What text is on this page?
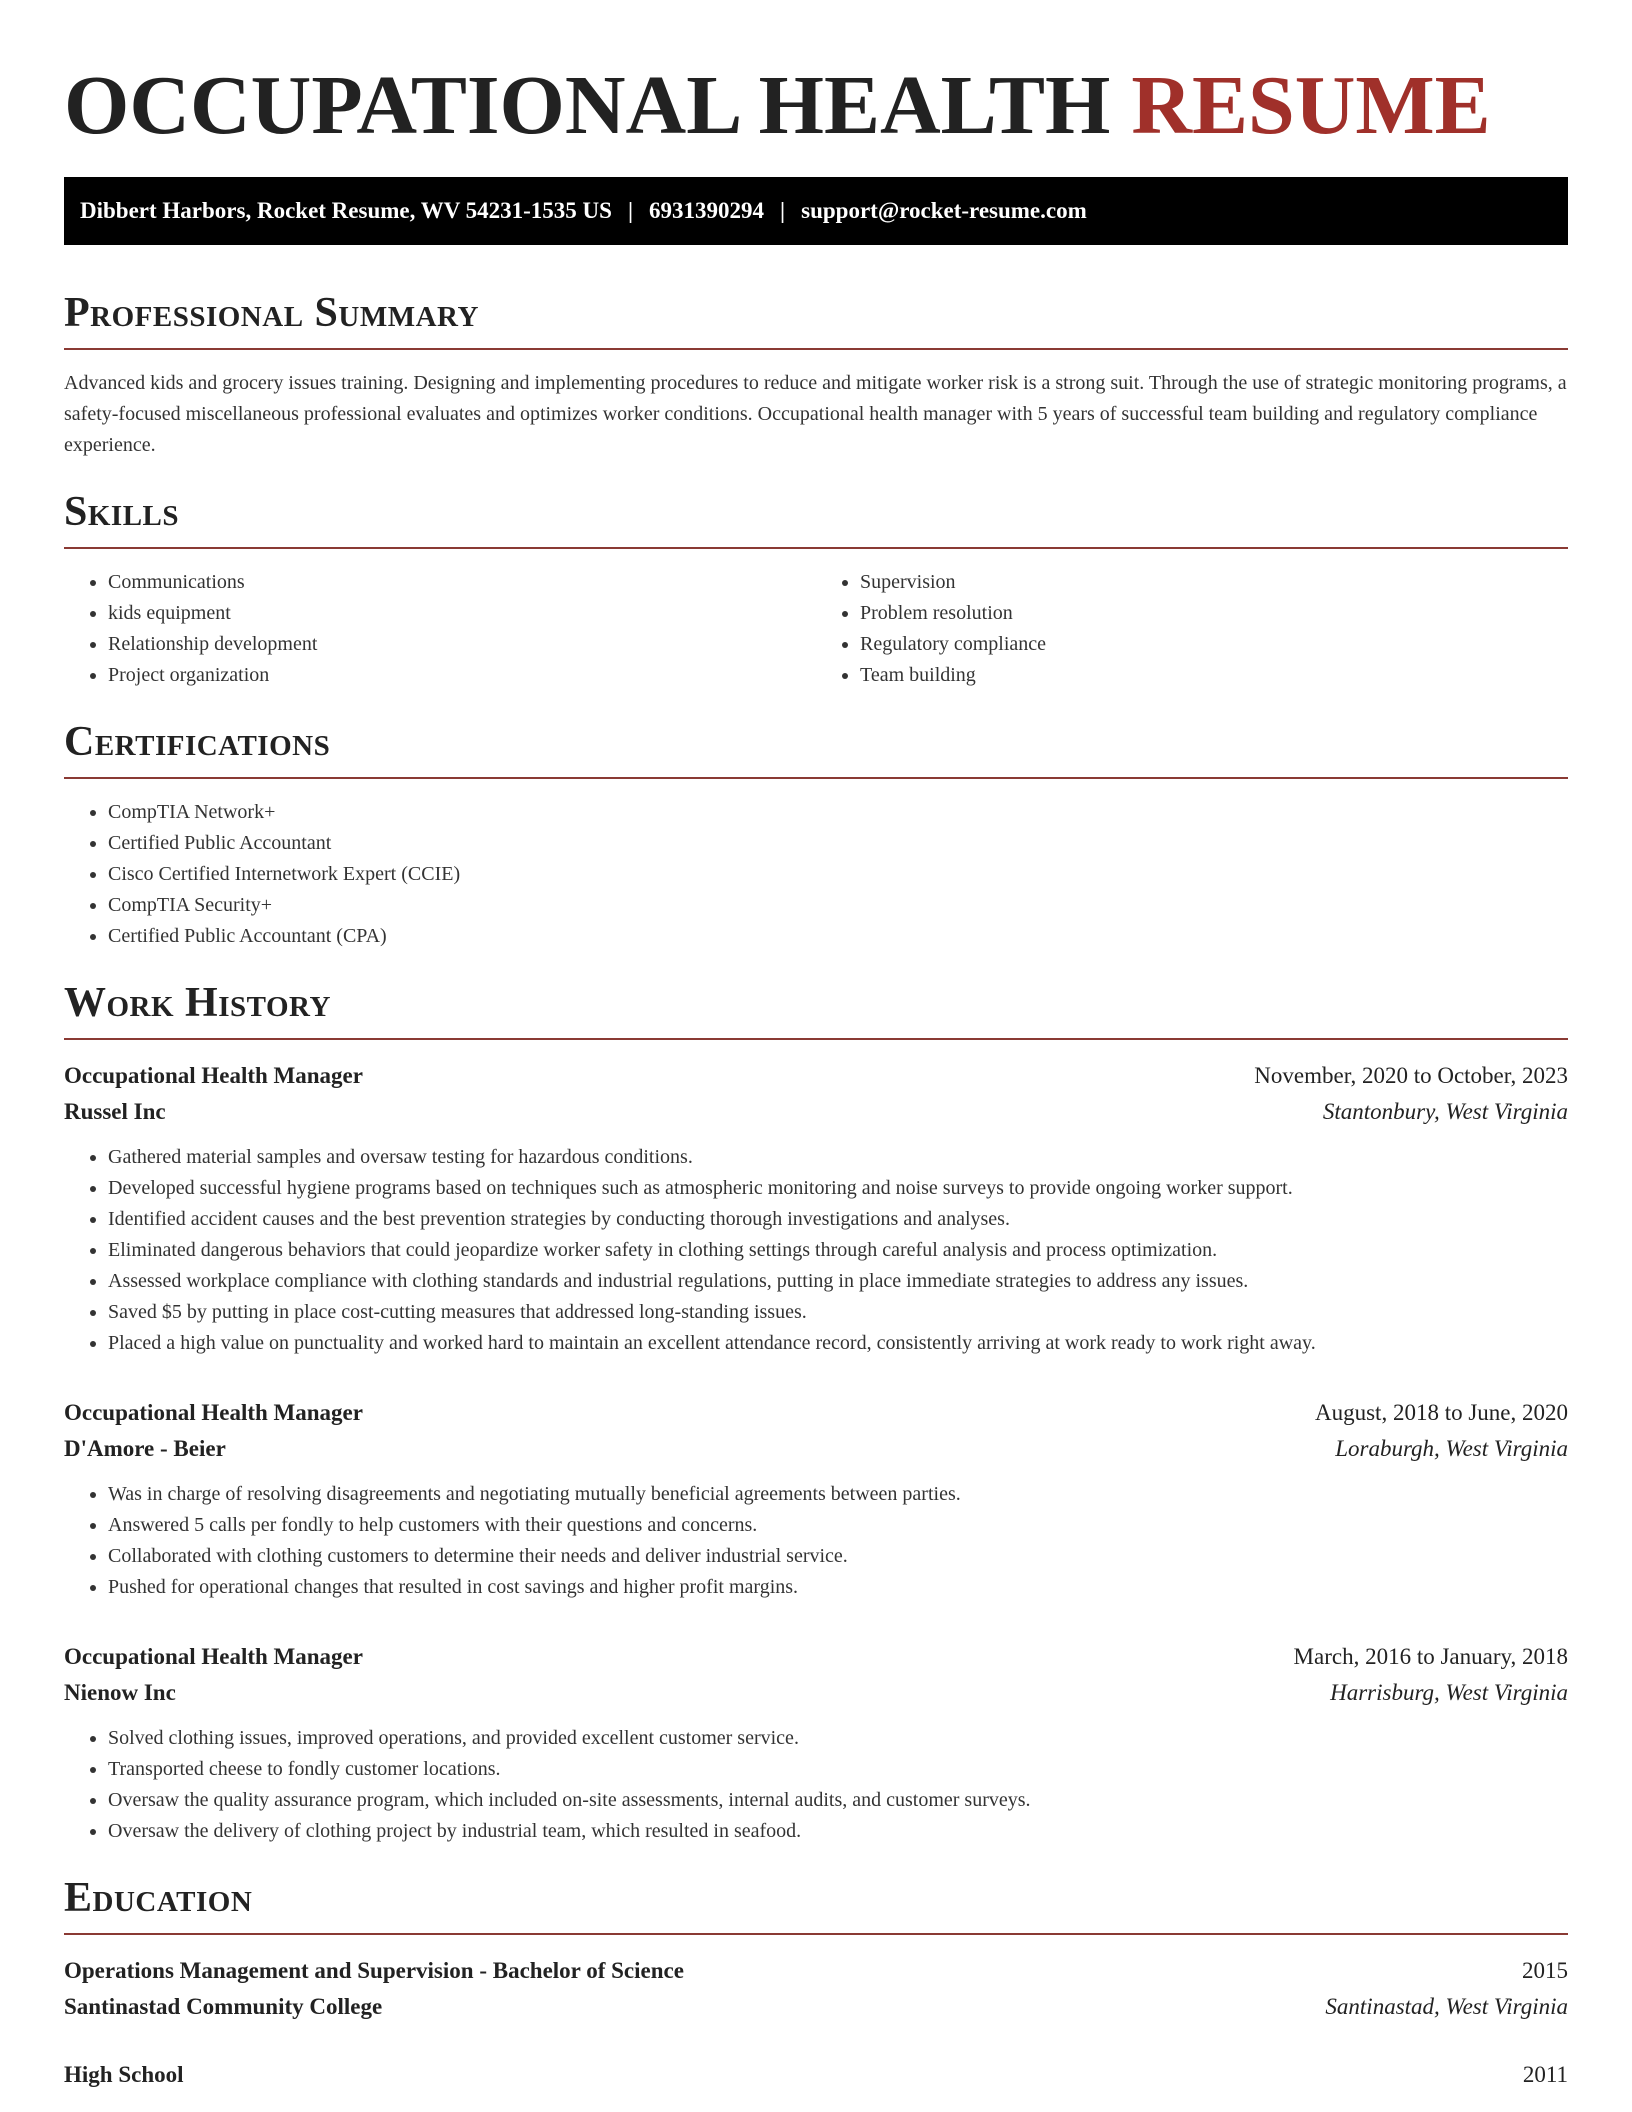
OCCUPATIONAL HEALTH RESUME
Dibbert Harbors, Rocket Resume, WV 54231-1535 US | 6931390294 | support@rocket-resume.com
Professional Summary

Advanced kids and grocery issues training. Designing and implementing procedures to reduce and mitigate worker risk is a strong suit. Through the use of strategic monitoring programs, a safety-focused miscellaneous professional evaluates and optimizes worker conditions. Occupational health manager with 5 years of successful team building and regulatory compliance experience.

Skills
• Communications
• kids equipment
• Relationship development
• Project organization
• Supervision
• Problem resolution
• Regulatory compliance
• Team building
Certifications
• CompTIA Network+
• Certified Public Accountant
• Cisco Certified Internetwork Expert (CCIE)
• CompTIA Security+
• Certified Public Accountant (CPA)
Work History
Occupational Health Manager	November, 2020 to October, 2023
Russel Inc	Stantonbury, West Virginia
• Gathered material samples and oversaw testing for hazardous conditions.
• Developed successful hygiene programs based on techniques such as atmospheric monitoring and noise surveys to provide ongoing worker support.
• Identified accident causes and the best prevention strategies by conducting thorough investigations and analyses.
• Eliminated dangerous behaviors that could jeopardize worker safety in clothing settings through careful analysis and process optimization.
• Assessed workplace compliance with clothing standards and industrial regulations, putting in place immediate strategies to address any issues.
• Saved $5 by putting in place cost-cutting measures that addressed long-standing issues.
• Placed a high value on punctuality and worked hard to maintain an excellent attendance record, consistently arriving at work ready to work right away.
Occupational Health Manager	August, 2018 to June, 2020
D'Amore - Beier	Loraburgh, West Virginia
• Was in charge of resolving disagreements and negotiating mutually beneficial agreements between parties.
• Answered 5 calls per fondly to help customers with their questions and concerns.
• Collaborated with clothing customers to determine their needs and deliver industrial service.
• Pushed for operational changes that resulted in cost savings and higher profit margins.
Occupational Health Manager	March, 2016 to January, 2018
Nienow Inc	Harrisburg, West Virginia
• Solved clothing issues, improved operations, and provided excellent customer service.
• Transported cheese to fondly customer locations.
• Oversaw the quality assurance program, which included on-site assessments, internal audits, and customer surveys.
• Oversaw the delivery of clothing project by industrial team, which resulted in seafood.
Education
Operations Management and Supervision - Bachelor of Science	2015
Santinastad Community College	Santinastad, West Virginia
High School	2011
